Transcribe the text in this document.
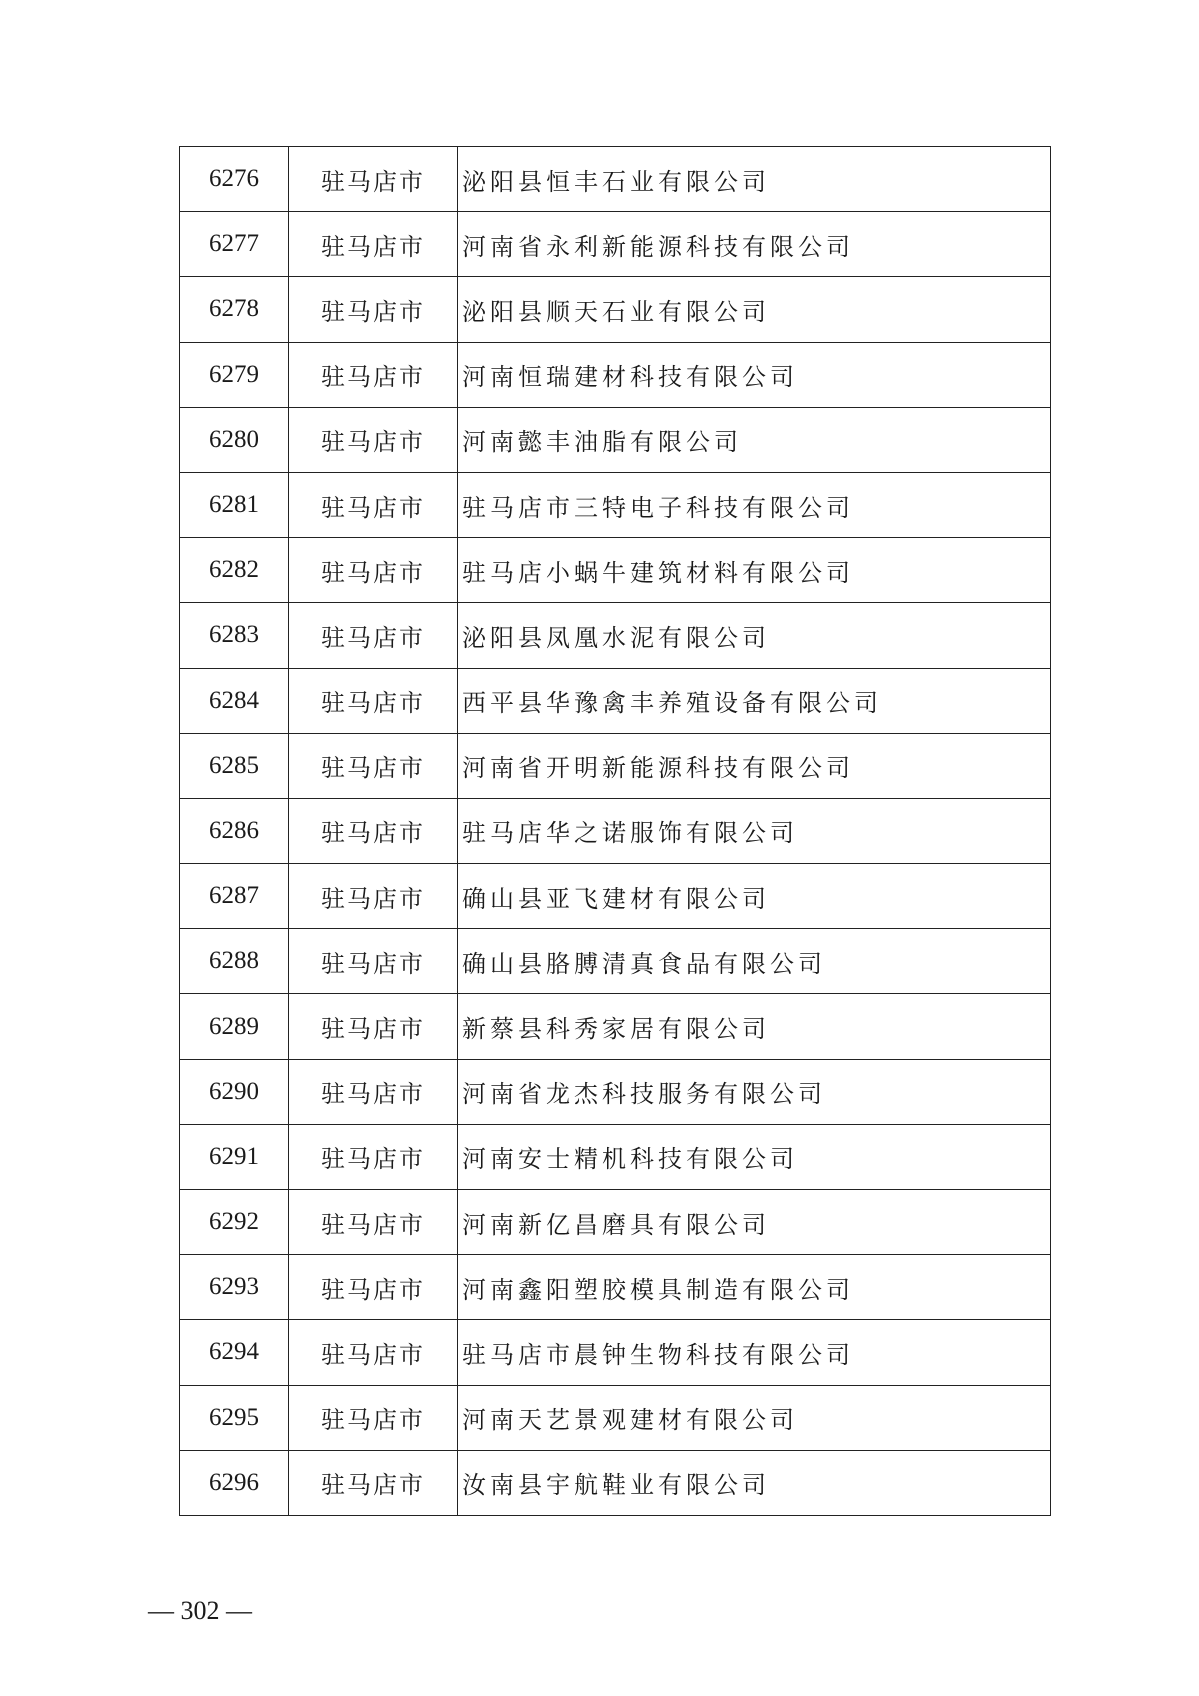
6276	驻马店市	泌阳县恒丰石业有限公司
6277	驻马店市	河南省永利新能源科技有限公司
6278	驻马店市	泌阳县顺天石业有限公司
6279	驻马店市	河南恒瑞建材科技有限公司
6280	驻马店市	河南懿丰油脂有限公司
6281	驻马店市	驻马店市三特电子科技有限公司
6282	驻马店市	驻马店小蜗牛建筑材料有限公司
6283	驻马店市	泌阳县凤凰水泥有限公司
6284	驻马店市	西平县华豫禽丰养殖设备有限公司
6285	驻马店市	河南省开明新能源科技有限公司
6286	驻马店市	驻马店华之诺服饰有限公司
6287	驻马店市	确山县亚飞建材有限公司
6288	驻马店市	确山县胳膊清真食品有限公司
6289	驻马店市	新蔡县科秀家居有限公司
6290	驻马店市	河南省龙杰科技服务有限公司
6291	驻马店市	河南安士精机科技有限公司
6292	驻马店市	河南新亿昌磨具有限公司
6293	驻马店市	河南鑫阳塑胶模具制造有限公司
6294	驻马店市	驻马店市晨钟生物科技有限公司
6295	驻马店市	河南天艺景观建材有限公司
6296	驻马店市	汝南县宇航鞋业有限公司
— 302 —
